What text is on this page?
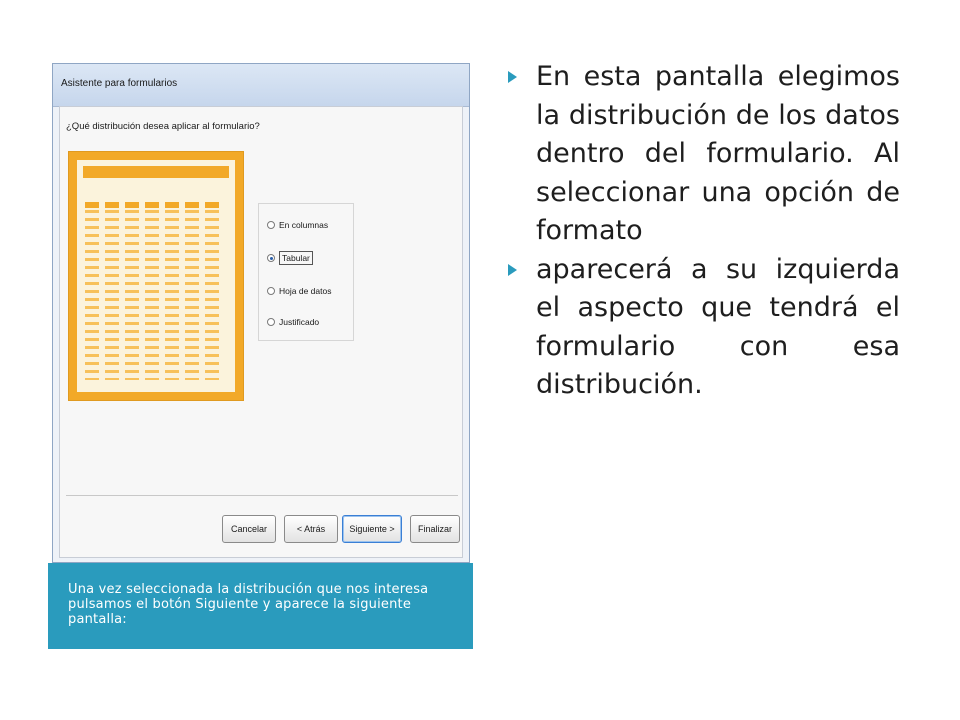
Asistente para formularios
¿Qué distribución desea aplicar al formulario?
En columnas
Tabular
Hoja de datos
Justificado
Cancelar	< Atrás	Siguiente >	Finalizar
Una vez seleccionada la distribución que nos interesa pulsamos el botón Siguiente y aparece la siguiente pantalla:
En esta pantalla elegimos la distribución de los datos dentro del formulario. Al seleccionar una opción de formato
aparecerá a su izquierda el aspecto que tendrá el formulario con esa distribución.
